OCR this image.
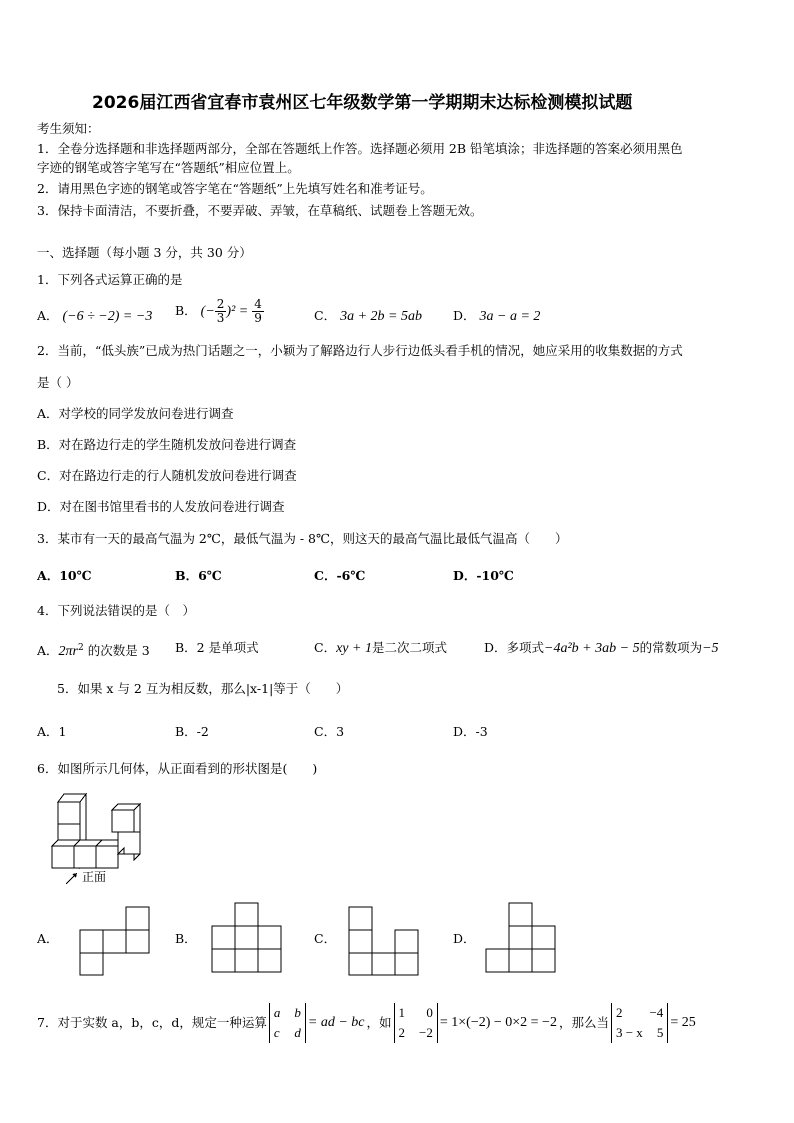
2026届江西省宜春市袁州区七年级数学第一学期期末达标检测模拟试题
考生须知：
1．全卷分选择题和非选择题两部分，全部在答题纸上作答。选择题必须用 2B 铅笔填涂；非选择题的答案必须用黑色
字迹的钢笔或答字笔写在“答题纸”相应位置上。
2．请用黑色字迹的钢笔或答字笔在“答题纸”上先填写姓名和准考证号。
3．保持卡面清洁，不要折叠，不要弄破、弄皱，在草稿纸、试题卷上答题无效。
一、选择题（每小题 3 分，共 30 分）
1．下列各式运算正确的是
A． (−6 ÷ −2) = −3 B． (− $\frac{2}{3} )^2 = \frac{4}{9}$	C． 3a + 2b = 5ab D． 3a − a = 2
2．当前，“低头族”已成为热门话题之一，小颖为了解路边行人步行边低头看手机的情况，她应采用的收集数据的方式
是（ ）
A．对学校的同学发放问卷进行调查
B．对在路边行走的学生随机发放问卷进行调查
C．对在路边行走的行人随机发放问卷进行调查
D．对在图书馆里看书的人发放问卷进行调查
3．某市有一天的最高气温为 2℃，最低气温为 - 8℃，则这天的最高气温比最低气温高（　　）
A．10℃	B．6℃	C．-6℃	D．-10℃
4．下列说法错误的是（　）
A．$2\pi r^2$ 的次数是 3 B．2 是单项式	C．xy + 1是二次二项式	D．多项式−4a²b + 3ab − 5的常数项为−5
5．如果 x 与 2 互为相反数，那么|x-1|等于（　　）
A．1	B．-2	C．3	D．-3
6．如图所示几何体，从正面看到的形状图是(　　)
正面
A．	B．	C．	D．
7．对于实数 a，b，c，d，规定一种运算
a b
c d
= ad − bc ，如
1 0
2 −2
= 1×(−2) − 0×2 = −2 ，那么当
2 −4
3 − x 5
= 25
